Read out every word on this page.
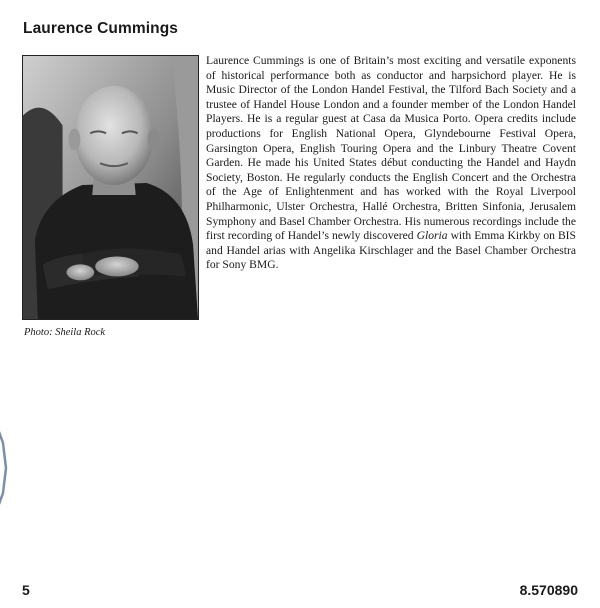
Laurence Cummings
Photo: Sheila Rock

Laurence Cummings is one of Britain’s most exciting and versatile exponents of historical performance both as conductor and harpsichord player. He is Music Director of the London Handel Festival, the Tilford Bach Society and a trustee of Handel House London and a founder member of the London Handel Players. He is a regular guest at Casa da Musica Porto. Opera credits include productions for English National Opera, Glyndebourne Festival Opera, Garsington Opera, English Touring Opera and the Linbury Theatre Covent Garden. He made his United States début conducting the Handel and Haydn Society, Boston. He regularly conducts the English Concert and the Orchestra of the Age of Enlightenment and has worked with the Royal Liverpool Philharmonic, Ulster Orchestra, Hallé Orchestra, Britten Sinfonia, Jerusalem Symphony and Basel Chamber Orchestra. His numerous recordings include the first recording of Handel’s newly discovered Gloria with Emma Kirkby on BIS and Handel arias with Angelika Kirschlager and the Basel Chamber Orchestra for Sony BMG.

5	8.570890
